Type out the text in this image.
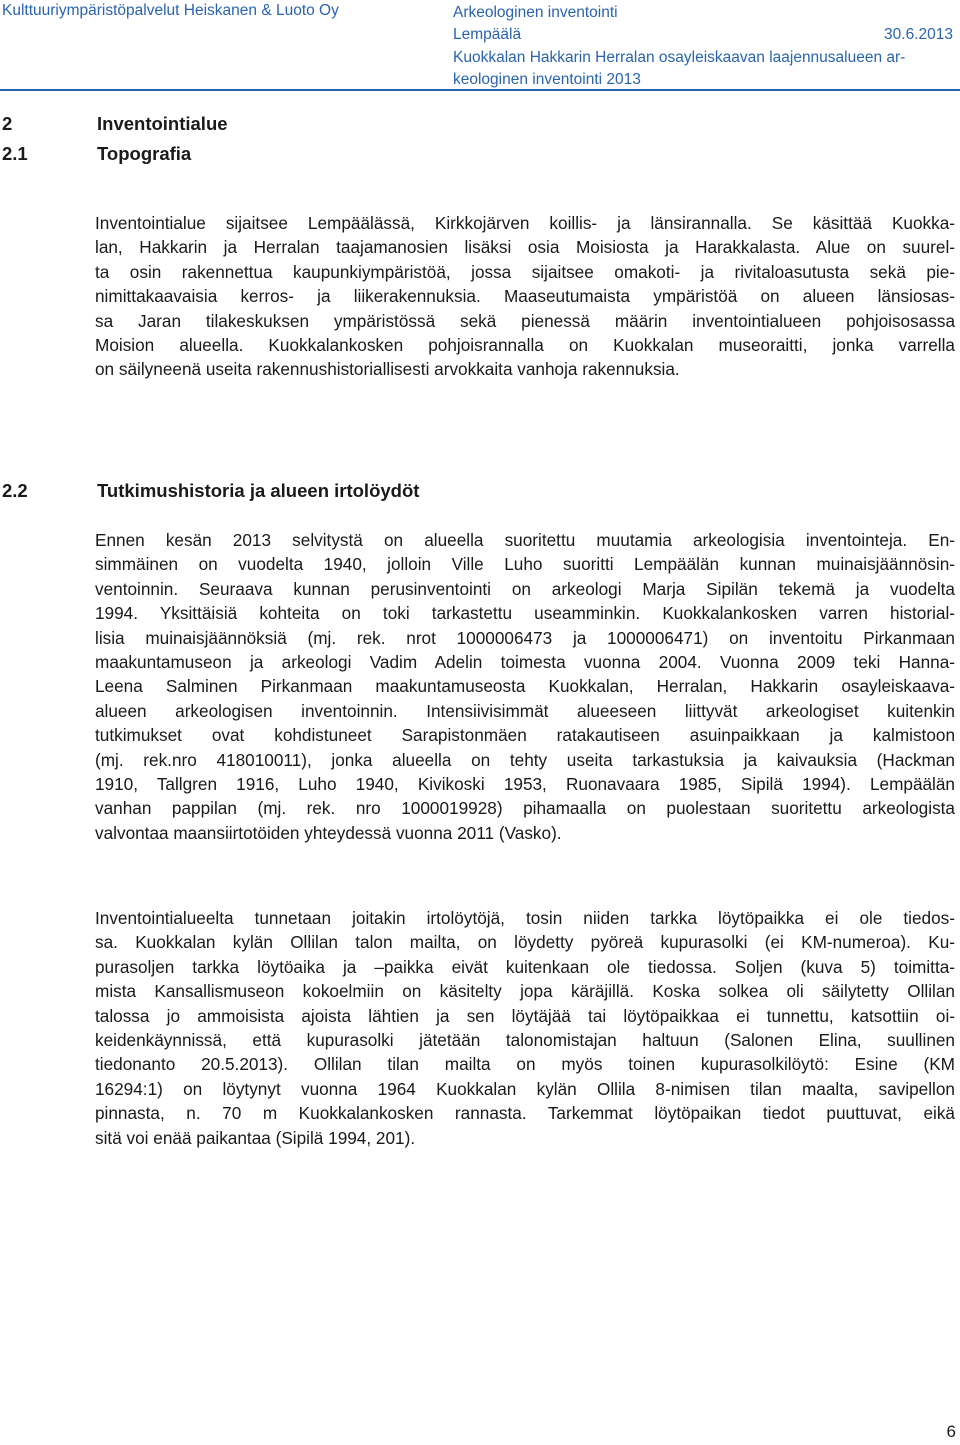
Kulttuuriympäristöpalvelut Heiskanen & Luoto Oy	Arkeologinen inventointi
Lempäälä	30.6.2013
Kuokkalan Hakkarin Herralan osayleiskaavan laajennusalueen ar-
keologinen inventointi 2013
2	Inventointialue
2.1	Topografia
Inventointialue sijaitsee Lempäälässä, Kirkkojärven koillis- ja länsirannalla. Se käsittää Kuokka-
lan, Hakkarin ja Herralan taajamanosien lisäksi osia Moisiosta ja Harakkalasta. Alue on suurel-
ta osin rakennettua kaupunkiympäristöä, jossa sijaitsee omakoti- ja rivitaloasutusta sekä pie-
nimittakaavaisia kerros- ja liikerakennuksia. Maaseutumaista ympäristöä on alueen länsiosas-
sa Jaran tilakeskuksen ympäristössä sekä pienessä määrin inventointialueen pohjoisosassa
Moision alueella. Kuokkalankosken pohjoisrannalla on Kuokkalan museoraitti, jonka varrella
on säilyneenä useita rakennushistoriallisesti arvokkaita vanhoja rakennuksia.
2.2	Tutkimushistoria ja alueen irtolöydöt
Ennen kesän 2013 selvitystä on alueella suoritettu muutamia arkeologisia inventointeja. En-
simmäinen on vuodelta 1940, jolloin Ville Luho suoritti Lempäälän kunnan muinaisjäännösin-
ventoinnin. Seuraava kunnan perusinventointi on arkeologi Marja Sipilän tekemä ja vuodelta
1994. Yksittäisiä kohteita on toki tarkastettu useamminkin. Kuokkalankosken varren historial-
lisia muinaisjäännöksiä (mj. rek. nrot 1000006473 ja 1000006471) on inventoitu Pirkanmaan
maakuntamuseon ja arkeologi Vadim Adelin toimesta vuonna 2004. Vuonna 2009 teki Hanna-
Leena Salminen Pirkanmaan maakuntamuseosta Kuokkalan, Herralan, Hakkarin osayleiskaava-
alueen arkeologisen inventoinnin. Intensiivisimmät alueeseen liittyvät arkeologiset kuitenkin
tutkimukset ovat kohdistuneet Sarapistonmäen ratakautiseen asuinpaikkaan ja kalmistoon
(mj. rek.nro 418010011), jonka alueella on tehty useita tarkastuksia ja kaivauksia (Hackman
1910, Tallgren 1916, Luho 1940, Kivikoski 1953, Ruonavaara 1985, Sipilä 1994). Lempäälän
vanhan pappilan (mj. rek. nro 1000019928) pihamaalla on puolestaan suoritettu arkeologista
valvontaa maansiirtotöiden yhteydessä vuonna 2011 (Vasko).
Inventointialueelta tunnetaan joitakin irtolöytöjä, tosin niiden tarkka löytöpaikka ei ole tiedos-
sa. Kuokkalan kylän Ollilan talon mailta, on löydetty pyöreä kupurasolki (ei KM-numeroa). Ku-
purasoljen tarkka löytöaika ja –paikka eivät kuitenkaan ole tiedossa. Soljen (kuva 5) toimitta-
mista Kansallismuseon kokoelmiin on käsitelty jopa käräjillä. Koska solkea oli säilytetty Ollilan
talossa jo ammoisista ajoista lähtien ja sen löytäjää tai löytöpaikkaa ei tunnettu, katsottiin oi-
keidenkäynnissä, että kupurasolki jätetään talonomistajan haltuun (Salonen Elina, suullinen
tiedonanto 20.5.2013). Ollilan tilan mailta on myös toinen kupurasolkilöytö: Esine (KM
16294:1) on löytynyt vuonna 1964 Kuokkalan kylän Ollila 8-nimisen tilan maalta, savipellon
pinnasta, n. 70 m Kuokkalankosken rannasta. Tarkemmat löytöpaikan tiedot puuttuvat, eikä
sitä voi enää paikantaa (Sipilä 1994, 201).
6
